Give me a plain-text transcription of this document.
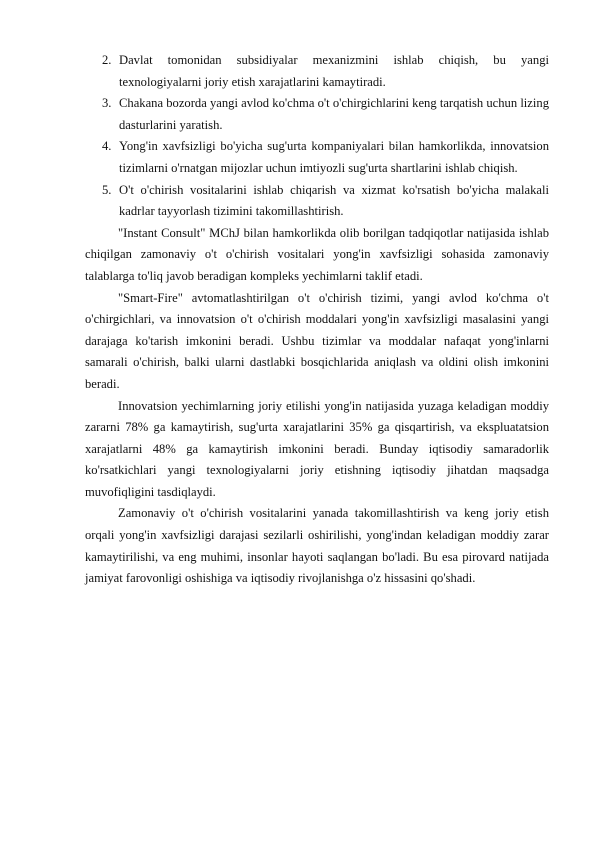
2. Davlat tomonidan subsidiyalar mexanizmini ishlab chiqish, bu yangi texnologiyalarni joriy etish xarajatlarini kamaytiradi.
3. Chakana bozorda yangi avlod ko'chma o't o'chirgichlarini keng tarqatish uchun lizing dasturlarini yaratish.
4. Yong'in xavfsizligi bo'yicha sug'urta kompaniyalari bilan hamkorlikda, innovatsion tizimlarni o'rnatgan mijozlar uchun imtiyozli sug'urta shartlarini ishlab chiqish.
5. O't o'chirish vositalarini ishlab chiqarish va xizmat ko'rsatish bo'yicha malakali kadrlar tayyorlash tizimini takomillashtirish.

"Instant Consult" MChJ bilan hamkorlikda olib borilgan tadqiqotlar natijasida ishlab chiqilgan zamonaviy o't o'chirish vositalari yong'in xavfsizligi sohasida zamonaviy talablarga to'liq javob beradigan kompleks yechimlarni taklif etadi.

"Smart-Fire" avtomatlashtirilgan o't o'chirish tizimi, yangi avlod ko'chma o't o'chirgichlari, va innovatsion o't o'chirish moddalari yong'in xavfsizligi masalasini yangi darajaga ko'tarish imkonini beradi. Ushbu tizimlar va moddalar nafaqat yong'inlarni samarali o'chirish, balki ularni dastlabki bosqichlarida aniqlash va oldini olish imkonini beradi.

Innovatsion yechimlarning joriy etilishi yong'in natijasida yuzaga keladigan moddiy zararni 78% ga kamaytirish, sug'urta xarajatlarini 35% ga qisqartirish, va ekspluatatsion xarajatlarni 48% ga kamaytirish imkonini beradi. Bunday iqtisodiy samaradorlik ko'rsatkichlari yangi texnologiyalarni joriy etishning iqtisodiy jihatdan maqsadga muvofiqligini tasdiqlaydi.

Zamonaviy o't o'chirish vositalarini yanada takomillashtirish va keng joriy etish orqali yong'in xavfsizligi darajasi sezilarli oshirilishi, yong'indan keladigan moddiy zarar kamaytirilishi, va eng muhimi, insonlar hayoti saqlangan bo'ladi. Bu esa pirovard natijada jamiyat farovonligi oshishiga va iqtisodiy rivojlanishga o'z hissasini qo'shadi.
